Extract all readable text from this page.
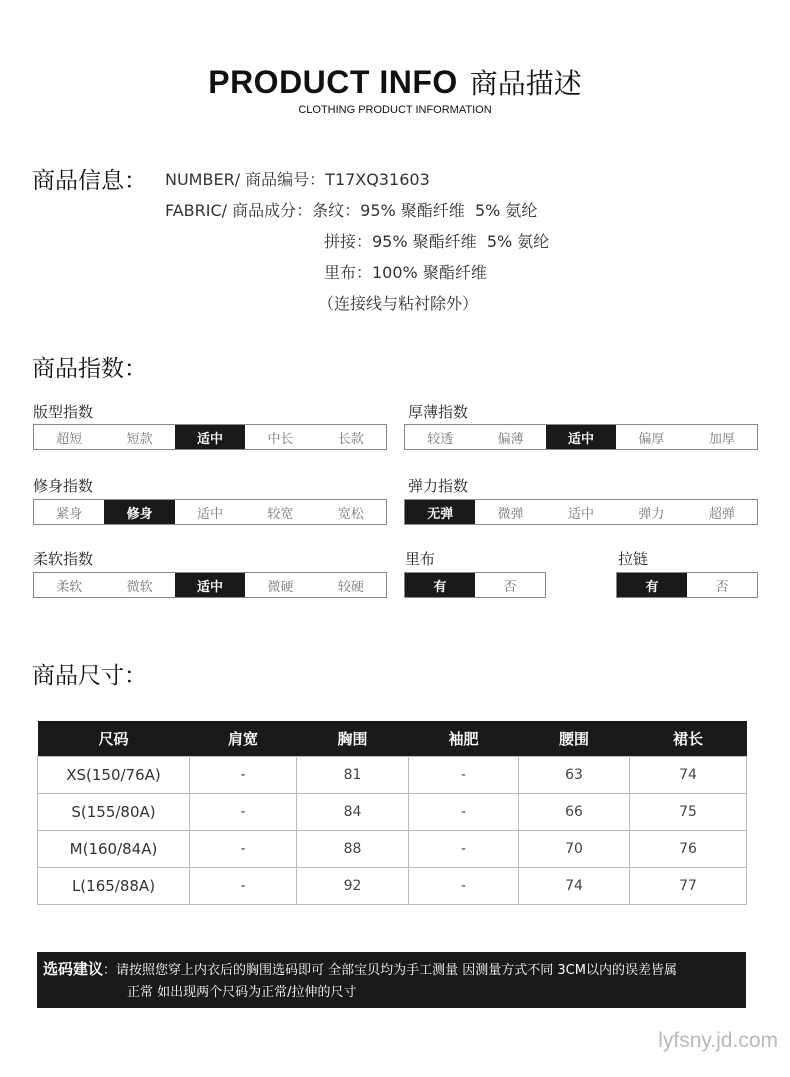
PRODUCT INFO 商品描述
CLOTHING PRODUCT INFORMATION
商品信息： NUMBER/ 商品编号：T17XQ31603
FABRIC/ 商品成分：条纹：95% 聚酯纤维  5% 氨纶
拼接：95% 聚酯纤维  5% 氨纶
里布：100% 聚酯纤维
（连接线与粘衬除外）
商品指数：
版型指数
超短	短款	适中	中长	长款
厚薄指数
较透	偏薄	适中	偏厚	加厚
修身指数
紧身	修身	适中	较宽	宽松
弹力指数
无弹	微弹	适中	弹力	超弹
柔软指数
柔软	微软	适中	微硬	较硬
里布
有	否
拉链
有	否
商品尺寸：
尺码	肩宽	胸围	袖肥	腰围	裙长
XS(150/76A)	-	81	-	63	74
S(155/80A)	-	84	-	66	75
M(160/84A)	-	88	-	70	76
L(165/88A)	-	92	-	74	77
选码建议：请按照您穿上内衣后的胸围选码即可 全部宝贝均为手工测量 因测量方式不同 3CM以内的误差皆属
正常 如出现两个尺码为正常/拉伸的尺寸
lyfsny.jd.com
